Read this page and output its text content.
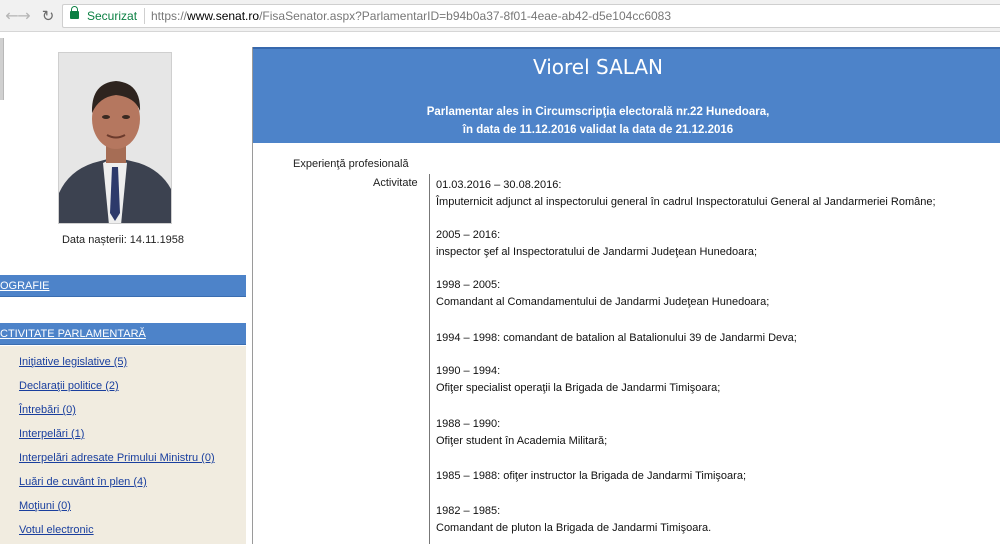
←
→ ↻	Securizat https://www.senat.ro/FisaSenator.aspx?ParlamentarID=b94b0a37-8f01-4eae-ab42-d5e104cc6083
Data nașterii: 14.11.1958
OGRAFIE
CTIVITATE PARLAMENTARĂ
Iniţiative legislative (5)
Declaraţii politice (2)
Întrebări (0)
Interpelări (1)
Interpelări adresate Primului Ministru (0)
Luări de cuvânt în plen (4)
Moţiuni (0)
Votul electronic
Viorel SALAN
Parlamentar ales in Circumscripţia electorală nr.22 Hunedoara,
în data de 11.12.2016 validat la data de 21.12.2016
Experienţă profesională
Activitate 01.03.2016 – 30.08.2016:
Împuternicit adjunct al inspectorului general în cadrul Inspectoratului General al Jandarmeriei Române;
2005 – 2016:
inspector şef al Inspectoratului de Jandarmi Judeţean Hunedoara;
1998 – 2005:
Comandant al Comandamentului de Jandarmi Judeţean Hunedoara;
1994 – 1998: comandant de batalion al Batalionului 39 de Jandarmi Deva;
1990 – 1994:
Ofiţer specialist operaţii la Brigada de Jandarmi Timişoara;
1988 – 1990:
Ofiţer student în Academia Militară;
1985 – 1988: ofiţer instructor la Brigada de Jandarmi Timişoara;
1982 – 1985:
Comandant de pluton la Brigada de Jandarmi Timişoara.
